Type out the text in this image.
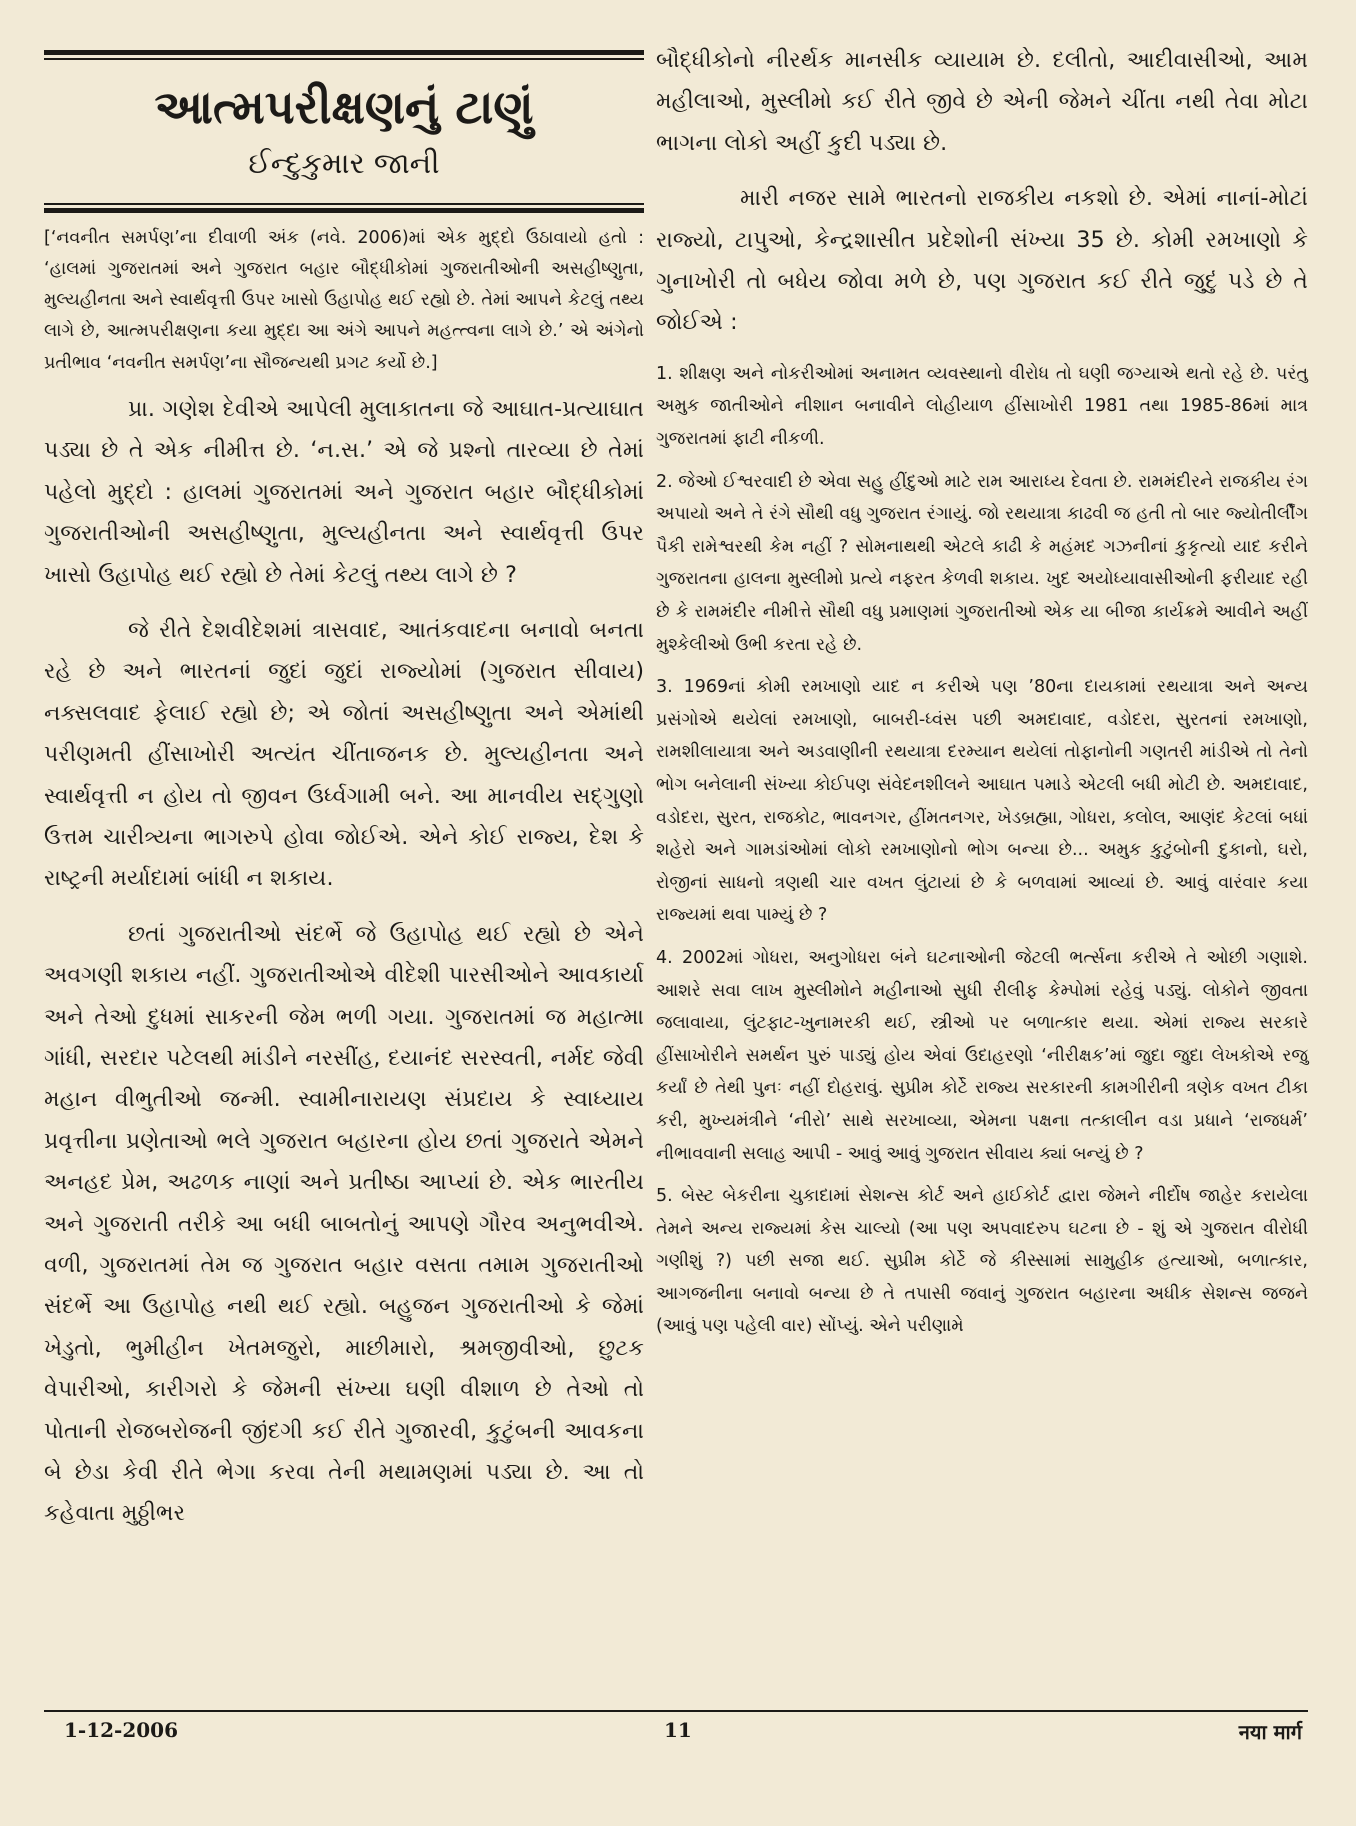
આત્મપરીક્ષણનું ટાણું
ઈન્દુકુમાર જાની

[‘નવનીત સમર્પણ’ના દીવાળી અંક (નવે. 2006)માં એક મુદ્દો ઉઠાવાયો હતો : ‘હાલમાં ગુજરાતમાં અને ગુજરાત બહાર બૌદ્ધીકોમાં ગુજરાતીઓની અસહીષ્ણુતા, મુલ્યહીનતા અને સ્વાર્થવૃત્તી ઉપર ખાસો ઉહાપોહ થઈ રહ્યો છે. તેમાં આપને કેટલું તથ્ય લાગે છે, આત્મપરીક્ષણના કયા મુદ્દા આ અંગે આપને મહત્ત્વના લાગે છે.’ એ અંગેનો પ્રતીભાવ ‘નવનીત સમર્પણ’ના સૌજન્યથી પ્રગટ કર્યો છે.]

પ્રા. ગણેશ દેવીએ આપેલી મુલાકાતના જે આઘાત-પ્રત્યાઘાત પડ્યા છે તે એક નીમીત્ત છે. ‘ન.સ.’ એ જે પ્રશ્નો તારવ્યા છે તેમાં પહેલો મુદ્દો : હાલમાં ગુજરાતમાં અને ગુજરાત બહાર બૌદ્ધીકોમાં ગુજરાતીઓની અસહીષ્ણુતા, મુલ્યહીનતા અને સ્વાર્થવૃત્તી ઉપર ખાસો ઉહાપોહ થઈ રહ્યો છે તેમાં કેટલું તથ્ય લાગે છે ?

જે રીતે દેશવીદેશમાં ત્રાસવાદ, આતંકવાદના બનાવો બનતા રહે છે અને ભારતનાં જુદાં જુદાં રાજ્યોમાં (ગુજરાત સીવાય) નક્સલવાદ ફેલાઈ રહ્યો છે; એ જોતાં અસહીષ્ણુતા અને એમાંથી પરીણમતી હીંસાખોરી અત્યંત ચીંતાજનક છે. મુલ્યહીનતા અને સ્વાર્થવૃત્તી ન હોય તો જીવન ઉર્ધ્વગામી બને. આ માનવીય સદ્ગુણો ઉત્તમ ચારીત્ર્યના ભાગરુપે હોવા જોઈએ. એને કોઈ રાજ્ય, દેશ કે રાષ્ટ્રની મર્યાદામાં બાંધી ન શકાય.

છતાં ગુજરાતીઓ સંદર્ભે જે ઉહાપોહ થઈ રહ્યો છે એને અવગણી શકાય નહીં. ગુજરાતીઓએ વીદેશી પારસીઓને આવકાર્યા અને તેઓ દુધમાં સાકરની જેમ ભળી ગયા. ગુજરાતમાં જ મહાત્મા ગાંધી, સરદાર પટેલથી માંડીને નરસીંહ, દયાનંદ સરસ્વતી, નર્મદ જેવી મહાન વીભુતીઓ જન્મી. સ્વામીનારાયણ સંપ્રદાય કે સ્વાધ્યાય પ્રવૃત્તીના પ્રણેતાઓ ભલે ગુજરાત બહારના હોય છતાં ગુજરાતે એમને અનહદ પ્રેમ, અઢળક નાણાં અને પ્રતીષ્ઠા આપ્યાં છે. એક ભારતીય અને ગુજરાતી તરીકે આ બધી બાબતોનું આપણે ગૌરવ અનુભવીએ. વળી, ગુજરાતમાં તેમ જ ગુજરાત બહાર વસતા તમામ ગુજરાતીઓ સંદર્ભે આ ઉહાપોહ નથી થઈ રહ્યો. બહુજન ગુજરાતીઓ કે જેમાં ખેડુતો, ભુમીહીન ખેતમજુરો, માછીમારો, શ્રમજીવીઓ, છુટક વેપારીઓ, કારીગરો કે જેમની સંખ્યા ઘણી વીશાળ છે તેઓ તો પોતાની રોજબરોજની જીંદગી કઈ રીતે ગુજારવી, કુટુંબની આવકના બે છેડા કેવી રીતે ભેગા કરવા તેની મથામણમાં પડ્યા છે. આ તો કહેવાતા મુઠ્ઠીભર

બૌદ્ધીકોનો નીરર્થક માનસીક વ્યાયામ છે. દલીતો, આદીવાસીઓ, આમ મહીલાઓ, મુસ્લીમો કઈ રીતે જીવે છે એની જેમને ચીંતા નથી તેવા મોટા ભાગના લોકો અહીં કુદી પડ્યા છે.

મારી નજર સામે ભારતનો રાજકીય નકશો છે. એમાં નાનાં-મોટાં રાજ્યો, ટાપુઓ, કેન્દ્રશાસીત પ્રદેશોની સંખ્યા 35 છે. કોમી રમખાણો કે ગુનાખોરી તો બધેય જોવા મળે છે, પણ ગુજરાત કઈ રીતે જુદું પડે છે તે જોઈએ :

1. શીક્ષણ અને નોકરીઓમાં અનામત વ્યવસ્થાનો વીરોધ તો ઘણી જગ્યાએ થતો રહે છે. પરંતુ અમુક જાતીઓને નીશાન બનાવીને લોહીયાળ હીંસાખોરી 1981 તથા 1985-86માં માત્ર ગુજરાતમાં ફાટી નીકળી.

2. જેઓ ઈશ્વરવાદી છે એવા સહુ હીંદુઓ માટે રામ આરાધ્ય દેવતા છે. રામમંદીરને રાજકીય રંગ અપાયો અને તે રંગે સૌથી વધુ ગુજરાત રંગાયું. જો રથયાત્રા કાઢવી જ હતી તો બાર જ્યોતીર્લીંગ પૈકી રામેશ્વરથી કેમ નહીં ? સોમનાથથી એટલે કાઢી કે મહંમદ ગઝનીનાં કુકૃત્યો યાદ કરીને ગુજરાતના હાલના મુસ્લીમો પ્રત્યે નફરત કેળવી શકાય. ખુદ અયોધ્યાવાસીઓની ફરીયાદ રહી છે કે રામમંદીર નીમીત્તે સૌથી વધુ પ્રમાણમાં ગુજરાતીઓ એક યા બીજા કાર્યક્રમે આવીને અહીં મુશ્કેલીઓ ઉભી કરતા રહે છે.

3. 1969નાં કોમી રમખાણો યાદ ન કરીએ પણ ’80ના દાયકામાં રથયાત્રા અને અન્ય પ્રસંગોએ થયેલાં રમખાણો, બાબરી-ધ્વંસ પછી અમદાવાદ, વડોદરા, સુરતનાં રમખાણો, રામશીલાયાત્રા અને અડવાણીની રથયાત્રા દરમ્યાન થયેલાં તોફાનોની ગણતરી માંડીએ તો તેનો ભોગ બનેલાની સંખ્યા કોઈપણ સંવેદનશીલને આઘાત પમાડે એટલી બધી મોટી છે. અમદાવાદ, વડોદરા, સુરત, રાજકોટ, ભાવનગર, હીંમતનગર, ખેડબ્રહ્મા, ગોધરા, કલોલ, આણંદ કેટલાં બધાં શહેરો અને ગામડાંઓમાં લોકો રમખાણોનો ભોગ બન્યા છે... અમુક કુટુંબોની દુકાનો, ઘરો, રોજીનાં સાધનો ત્રણથી ચાર વખત લુંટાયાં છે કે બળવામાં આવ્યાં છે. આવું વારંવાર કયા રાજ્યમાં થવા પામ્યું છે ?

4. 2002માં ગોધરા, અનુગોધરા બંને ઘટનાઓની જેટલી ભર્ત્સના કરીએ તે ઓછી ગણાશે. આશરે સવા લાખ મુસ્લીમોને મહીનાઓ સુધી રીલીફ કેમ્પોમાં રહેવું પડ્યું. લોકોને જીવતા જલાવાયા, લુંટફાટ-ખુનામરકી થઈ, સ્ત્રીઓ પર બળાત્કાર થયા. એમાં રાજ્ય સરકારે હીંસાખોરીને સમર્થન પુરું પાડ્યું હોય એવાં ઉદાહરણો ‘નીરીક્ષક’માં જુદા જુદા લેખકોએ રજુ કર્યાં છે તેથી પુનઃ નહીં દોહરાવું. સુપ્રીમ કોર્ટે રાજ્ય સરકારની કામગીરીની ત્રણેક વખત ટીકા કરી, મુખ્યમંત્રીને ‘નીરો’ સાથે સરખાવ્યા, એમના પક્ષના તત્કાલીન વડા પ્રધાને ‘રાજધર્મ’ નીભાવવાની સલાહ આપી - આવું આવું ગુજરાત સીવાય ક્યાં બન્યું છે ?

5. બેસ્ટ બેકરીના ચુકાદામાં સેશન્સ કોર્ટ અને હાઈકોર્ટ દ્વારા જેમને નીર્દોષ જાહેર કરાયેલા તેમને અન્ય રાજ્યમાં કેસ ચાલ્યો (આ પણ અપવાદરુપ ઘટના છે - શું એ ગુજરાત વીરોધી ગણીશું ?) પછી સજા થઈ. સુપ્રીમ કોર્ટે જે કીસ્સામાં સામુહીક હત્યાઓ, બળાત્કાર, આગજનીના બનાવો બન્યા છે તે તપાસી જવાનું ગુજરાત બહારના અધીક સેશન્સ જજને (આવું પણ પહેલી વાર) સોંપ્યું. એને પરીણામે

1-12-2006	11	नया मार्ग
